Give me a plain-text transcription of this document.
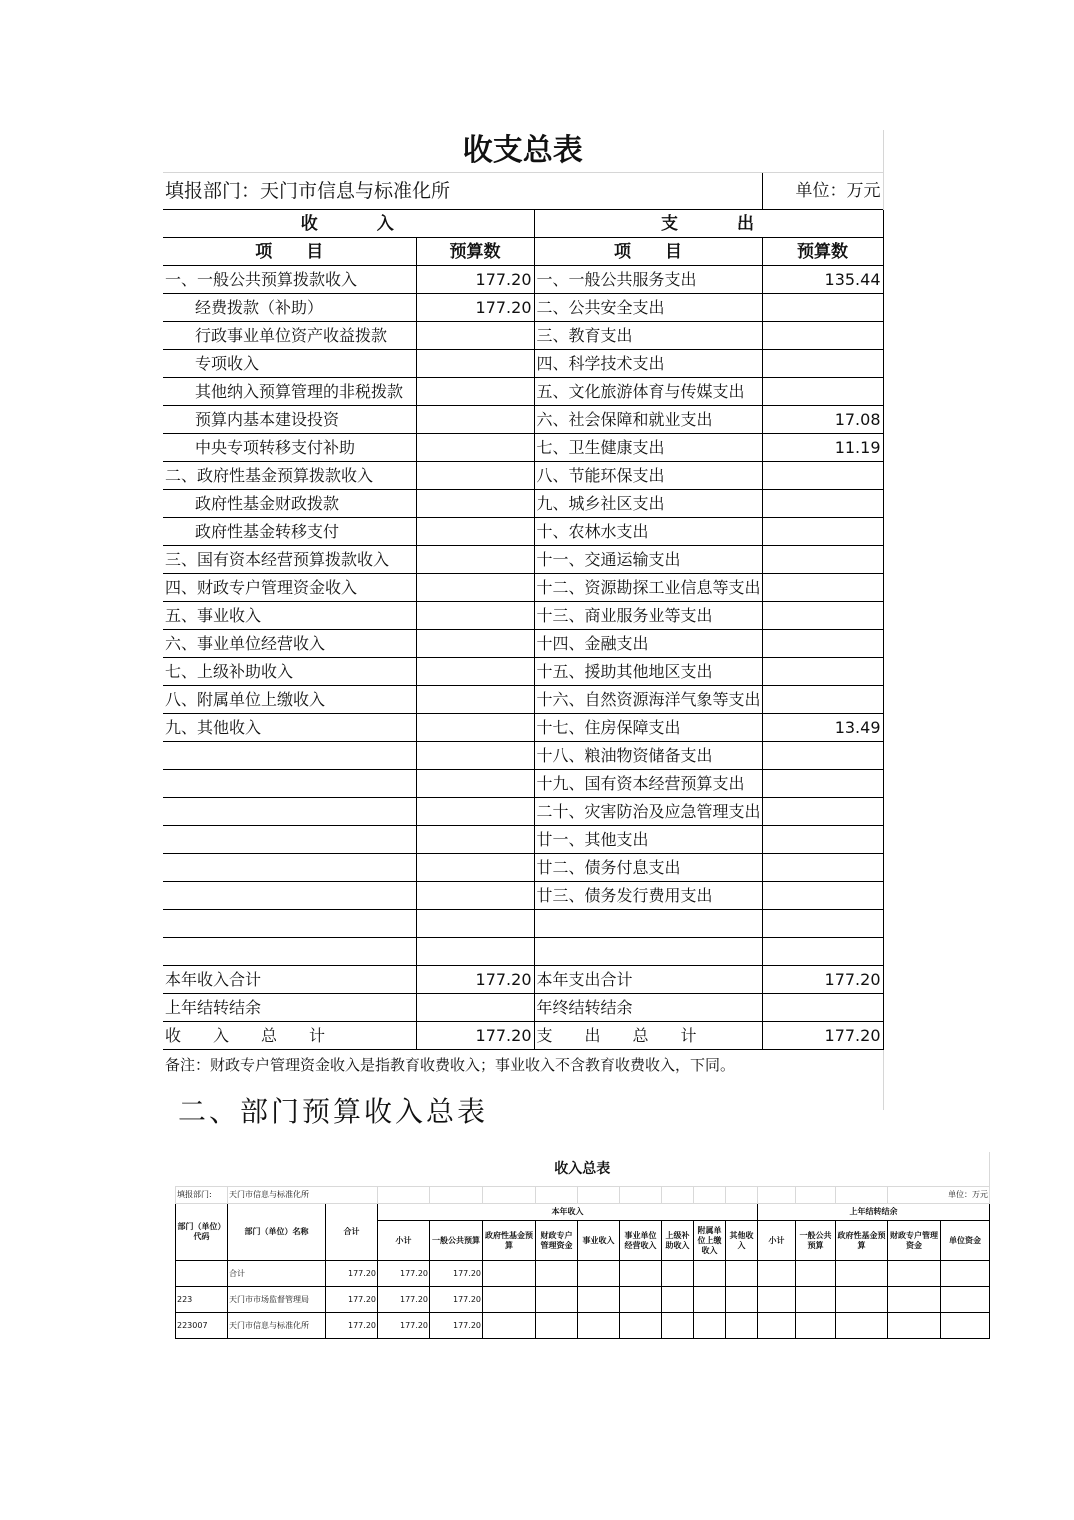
收支总表			
填报部门：天门市信息与标准化所			单位：万元
收　　　入		支　　　出	
项　　目	预算数	项　　目	预算数
一、一般公共预算拨款收入	177.20	一、一般公共服务支出	135.44
经费拨款（补助）	177.20	二、公共安全支出	
行政事业单位资产收益拨款		三、教育支出	
专项收入		四、科学技术支出	
其他纳入预算管理的非税拨款		五、文化旅游体育与传媒支出	
预算内基本建设投资		六、社会保障和就业支出	17.08
中央专项转移支付补助		七、卫生健康支出	11.19
二、政府性基金预算拨款收入		八、节能环保支出	
政府性基金财政拨款		九、城乡社区支出	
政府性基金转移支付		十、农林水支出	
三、国有资本经营预算拨款收入		十一、交通运输支出	
四、财政专户管理资金收入		十二、资源勘探工业信息等支出	
五、事业收入		十三、商业服务业等支出	
六、事业单位经营收入		十四、金融支出	
七、上级补助收入		十五、援助其他地区支出	
八、附属单位上缴收入		十六、自然资源海洋气象等支出	
九、其他收入		十七、住房保障支出	13.49
		十八、粮油物资储备支出	
		十九、国有资本经营预算支出	
		二十、灾害防治及应急管理支出	
		廿一、其他支出	
		廿二、债务付息支出	
		廿三、债务发行费用支出	

本年收入合计	177.20	本年支出合计	177.20
上年结转结余		年终结转结余	
收　　入　　总　　计	177.20	支　　出　　总　　计	177.20
备注：财政专户管理资金收入是指教育收费收入；事业收入不含教育收费收入，下同。			
二、部门预算收入总表
收入总表																
填报部门:	天门市信息与标准化所														单位：万元	
部门（单位）代码	部门（单位）名称	合计	本年收入									上年结转结余				
			小计	一般公共预算	政府性基金预算	财政专户管理资金	事业收入	事业单位经营收入	上级补助收入	附属单位上缴收入	其他收入	小计	一般公共预算	政府性基金预算	财政专户管理资金	单位资金
	合计	177.20	177.20	177.20												
223	天门市市场监督管理局	177.20	177.20	177.20												
223007	天门市信息与标准化所	177.20	177.20	177.20												
